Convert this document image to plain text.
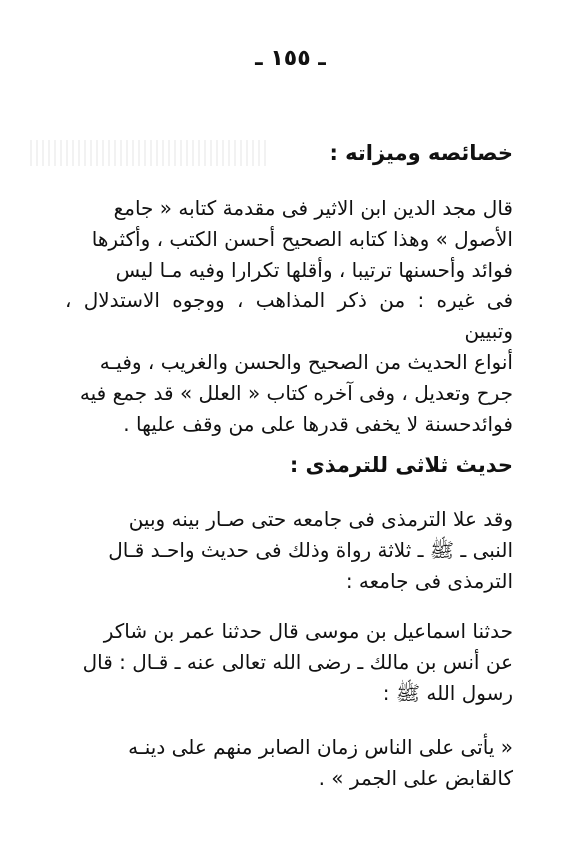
ـ ١٥٥ ـ
خصائصه وميزاته :

قال مجد الدين ابن الاثير فى مقدمة كتابه « جامع

الأصول » وهذا كتابه الصحيح أحسن الكتب ، وأكثرها

فوائد وأحسنها ترتيبا ، وأقلها تكرارا وفيه مـا ليس

فى غيره : من ذكر المذاهب ، ووجوه الاستدلال ، وتبيين

أنواع الحديث من الصحيح والحسن والغريب ، وفيـه

جرح وتعديل ، وفى آخره كتاب « العلل » قد جمع فيه

فوائدحسنة لا يخفى قدرها على من وقف عليها .

حديث ثلاثى للترمذى :

وقد علا الترمذى فى جامعه حتى صـار بينه وبين

النبى ـ ﷺ ـ ثلاثة رواة وذلك فى حديث واحـد قـال

الترمذى فى جامعه :

حدثنا اسماعيل بن موسى قال حدثنا عمر بن شاكر

عن أنس بن مالك ـ رضى الله تعالى عنه ـ قـال : قال

رسول الله ﷺ :

« يأتى على الناس زمان الصابر منهم على دينـه

كالقابض على الجمر » .
